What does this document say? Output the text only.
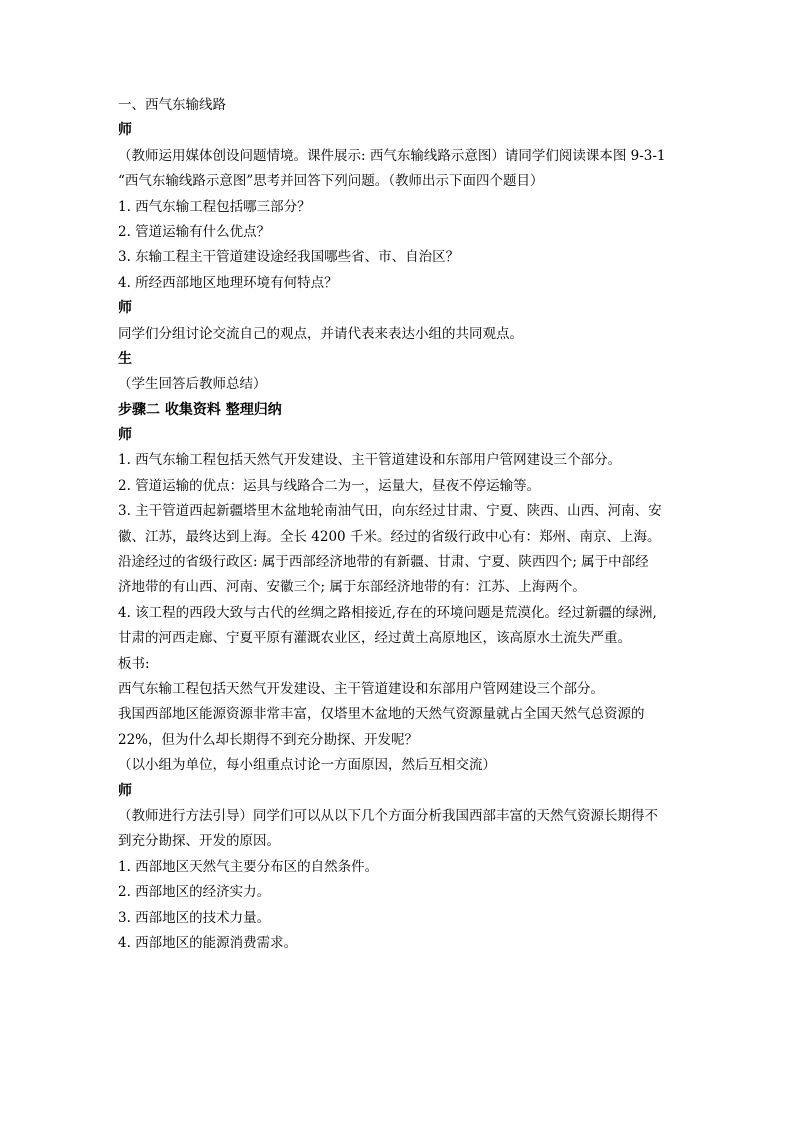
一、西气东输线路
师
（教师运用媒体创设问题情境。课件展示: 西气东输线路示意图）请同学们阅读课本图 9-3-1
“西气东输线路示意图”思考并回答下列问题。（教师出示下面四个题目）
1. 西气东输工程包括哪三部分？
2. 管道运输有什么优点？
3. 东输工程主干管道建设途经我国哪些省、市、自治区？
4. 所经西部地区地理环境有何特点？
师
同学们分组讨论交流自己的观点，并请代表来表达小组的共同观点。
生
（学生回答后教师总结）
步骤二 收集资料 整理归纳
师
1. 西气东输工程包括天然气开发建设、主干管道建设和东部用户管网建设三个部分。
2. 管道运输的优点：运具与线路合二为一，运量大，昼夜不停运输等。
3. 主干管道西起新疆塔里木盆地轮南油气田，向东经过甘肃、宁夏、陕西、山西、河南、安
徽、江苏，最终达到上海。全长 4200 千米。经过的省级行政中心有：郑州、南京、上海。
沿途经过的省级行政区: 属于西部经济地带的有新疆、甘肃、宁夏、陕西四个; 属于中部经
济地带的有山西、河南、安徽三个; 属于东部经济地带的有：江苏、上海两个。
4. 该工程的西段大致与古代的丝绸之路相接近,存在的环境问题是荒漠化。经过新疆的绿洲,
甘肃的河西走廊、宁夏平原有灌溉农业区，经过黄土高原地区，该高原水土流失严重。
板书:
西气东输工程包括天然气开发建设、主干管道建设和东部用户管网建设三个部分。
我国西部地区能源资源非常丰富，仅塔里木盆地的天然气资源量就占全国天然气总资源的
22%，但为什么却长期得不到充分勘探、开发呢？
（以小组为单位，每小组重点讨论一方面原因，然后互相交流）
师
（教师进行方法引导）同学们可以从以下几个方面分析我国西部丰富的天然气资源长期得不
到充分勘探、开发的原因。
1. 西部地区天然气主要分布区的自然条件。
2. 西部地区的经济实力。
3. 西部地区的技术力量。
4. 西部地区的能源消费需求。
